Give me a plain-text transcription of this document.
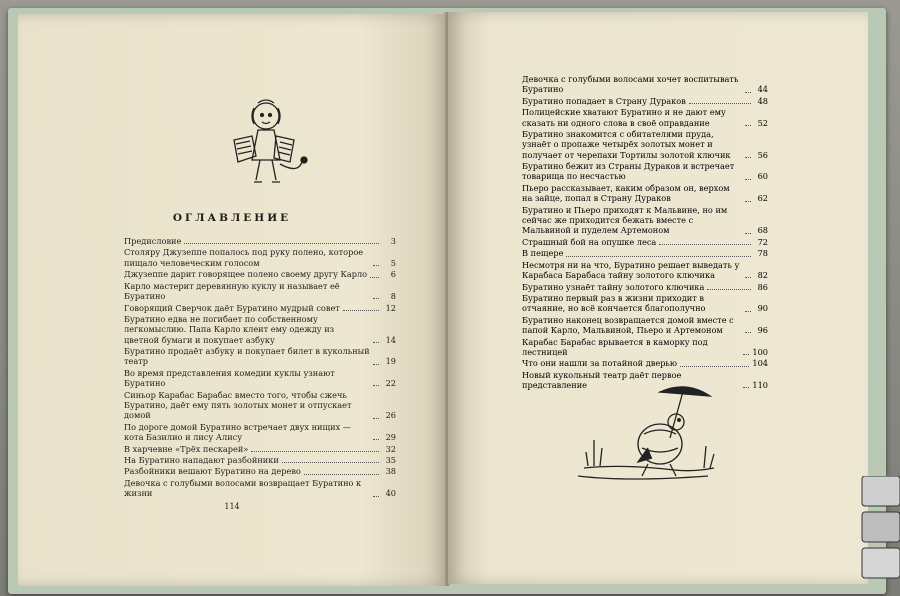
ОГЛАВЛЕНИЕ
Предисловие	3
Столяру Джузеппе попалось под руку полено, которое пищало человеческим голосом	5
Джузеппе дарит говорящее полено своему другу Карло	6
Карло мастерит деревянную куклу и называет её Буратино	8
Говорящий Сверчок даёт Буратино мудрый совет	12
Буратино едва не погибает по собственному легкомыслию. Папа Карло клеит ему одежду из цветной бумаги и покупает азбуку	14
Буратино продаёт азбуку и покупает билет в кукольный театр	19
Во время представления комедии куклы узнают Буратино	22
Синьор Карабас Барабас вместо того, чтобы сжечь Буратино, даёт ему пять золотых монет и отпускает домой	26
По дороге домой Буратино встречает двух нищих — кота Базилио и лису Алису	29
В харчевне «Трёх пескарей»	32
На Буратино нападают разбойники	35
Разбойники вешают Буратино на дерево	38
Девочка с голубыми волосами возвращает Буратино к жизни	40
114
Девочка с голубыми волосами хочет воспитывать Буратино	44
Буратино попадает в Страну Дураков	48
Полицейские хватают Буратино и не дают ему сказать ни одного слова в своё оправдание	52
Буратино знакомится с обитателями пруда, узнаёт о пропаже четырёх золотых монет и получает от черепахи Тортилы золотой ключик	56
Буратино бежит из Страны Дураков и встречает товарища по несчастью	60
Пьеро рассказывает, каким образом он, верхом на зайце, попал в Страну Дураков	62
Буратино и Пьеро приходят к Мальвине, но им сейчас же приходится бежать вместе с Мальвиной и пуделем Артемоном	68
Страшный бой на опушке леса	72
В пещере	78
Несмотря ни на что, Буратино решает выведать у Карабаса Барабаса тайну золотого ключика	82
Буратино узнаёт тайну золотого ключика	86
Буратино первый раз в жизни приходит в отчаяние, но всё кончается благополучно	90
Буратино наконец возвращается домой вместе с папой Карло, Мальвиной, Пьеро и Артемоном	96
Карабас Барабас врывается в каморку под лестницей	100
Что они нашли за потайной дверью	104
Новый кукольный театр даёт первое представление	110
